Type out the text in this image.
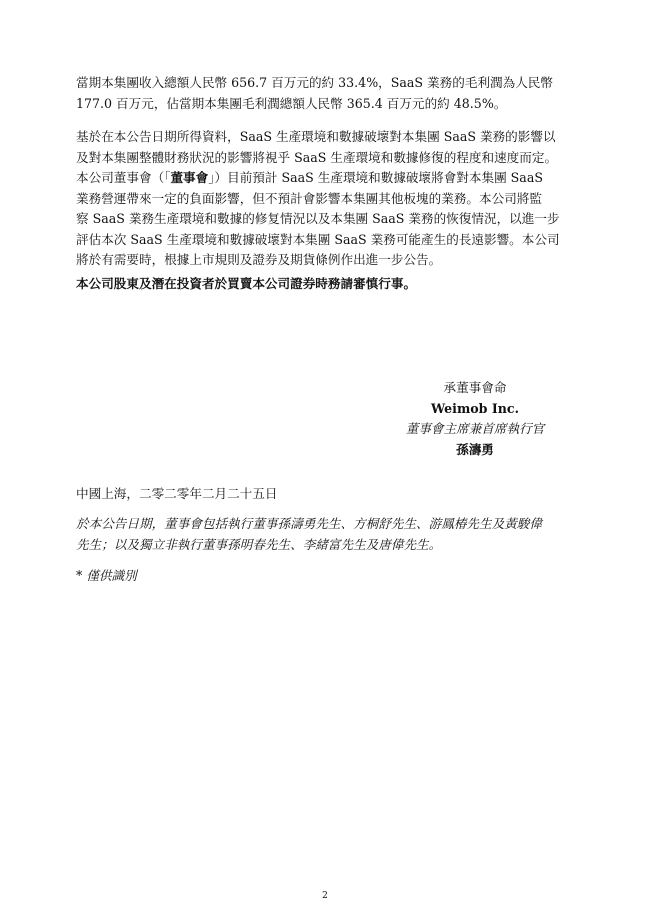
當期本集團收入總額人民幣 656.7 百万元的約 33.4%，SaaS 業務的毛利潤為人民幣
177.0 百万元，佔當期本集團毛利潤總額人民幣 365.4 百万元的約 48.5%。

基於在本公告日期所得資料，SaaS 生產環境和數據破壞對本集團 SaaS 業務的影響以
及對本集團整體財務狀況的影響將視乎 SaaS 生產環境和數據修復的程度和速度而定。

本公司董事會（「董事會」）目前預計 SaaS 生產環境和數據破壞將會對本集團 SaaS
業務營運帶來一定的負面影響，但不預計會影響本集團其他板塊的業務。本公司將監
察 SaaS 業務生產環境和數據的修复情況以及本集團 SaaS 業務的恢復情況，以進一步
評估本次 SaaS 生產環境和數據破壞對本集團 SaaS 業務可能產生的長遠影響。本公司
將於有需要時，根據上市規則及證券及期貨條例作出進一步公告。

本公司股東及潛在投資者於買賣本公司證券時務請審慎行事。

承董事會命
Weimob Inc.
董事會主席兼首席執行官
孫濤勇

中國上海，二零二零年二月二十五日

於本公告日期，董事會包括執行董事孫濤勇先生、方桐舒先生、游鳳椿先生及黃駿偉
先生；以及獨立非執行董事孫明春先生、李緒富先生及唐偉先生。

* 僅供識別

2
